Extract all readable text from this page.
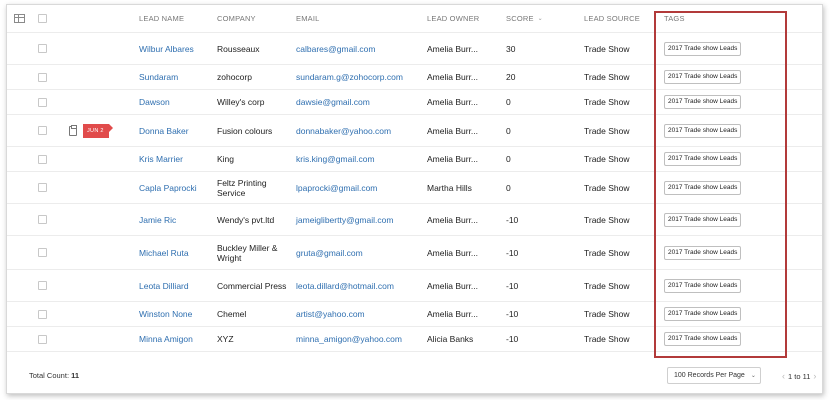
LEAD NAME	COMPANY	EMAIL	LEAD OWNER	SCORE ⌄	LEAD SOURCE	TAGS
Wilbur Albares	Rousseaux	calbares@gmail.com	Amelia Burr...	30	Trade Show	2017 Trade show Leads
Sundaram	zohocorp	sundaram.g@zohocorp.com	Amelia Burr...	20	Trade Show	2017 Trade show Leads
Dawson	Willey's corp	dawsie@gmail.com	Amelia Burr...	0	Trade Show	2017 Trade show Leads
JUN 2	Donna Baker	Fusion colours	donnabaker@yahoo.com	Amelia Burr...	0	Trade Show	2017 Trade show Leads
Kris Marrier	King	kris.king@gmail.com	Amelia Burr...	0	Trade Show	2017 Trade show Leads
Capla Paprocki	Feltz Printing Service	lpaprocki@gmail.com	Martha Hills	0	Trade Show	2017 Trade show Leads
Jamie Ric	Wendy's pvt.ltd	jameiglibertty@gmail.com	Amelia Burr...	-10	Trade Show	2017 Trade show Leads
Michael Ruta	Buckley Miller & Wright	gruta@gmail.com	Amelia Burr...	-10	Trade Show	2017 Trade show Leads
Leota Dilliard	Commercial Press leota.dillard@hotmail.com	Amelia Burr...	-10	Trade Show	2017 Trade show Leads
Winston None	Chemel	artist@yahoo.com	Amelia Burr...	-10	Trade Show	2017 Trade show Leads
Minna Amigon	XYZ	minna_amigon@yahoo.com	Alicia Banks	-10	Trade Show	2017 Trade show Leads
Total Count: 11	100 Records Per Page ⌄	‹ 1 to 11 ›
